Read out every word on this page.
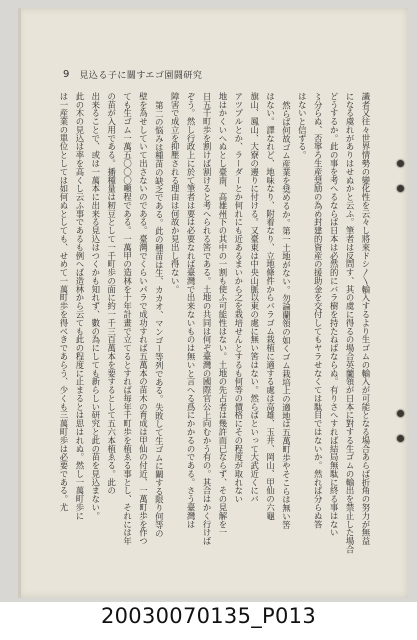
9 見込る子に關すエゴ園闘研究
識者又往々世界情勢の變化性を云々し將來ドシ〳〵輸入するより生ゴムの輸入が可能となる場合あらば折角の努力が無益
になる虞れがありはせぬかと云ふ。筆者は反問す、其の虞に得るの場合英蘭領が日本に對する生ゴムの輸出を禁止した場合
どうするか。此の事を考へるならば日本は必然的にバラ樹を持たねばならぬ。有りさへすれば結局無駄に終る事はない
〻分らぬ、否寧ろ生産奨励の為め封建的資産の援助金を交付してもヤラせなくては駄目ではないか。然れば分らぬ答
はないと信ずる。
然らば何故ゴム産業を奨めるか。第一土地がない。勿論蘭領の如くゴム栽培上の適地は五萬町歩やそこらは無い筈
はない。譯なれど、地味なり、附着なり、立地條件からバラゴム栽植に適する處は高雄、玉井、岡山、甲仙の六龜
旗山、鳳山、大寮の邊りに付ける。又臺東は中央山脈以東の處に無い筈はない。然らばといって大武近くにバ
アツプルとか、ラーダーとか何れにも近あるまいから之を栽培せんとするも何等の價格にその程度が取れない
地はかくいへぬとし臺南、高雄州下の其中の一割も使ふ可能性はない。土地の先占者は幾許而已ならず、その見解を一
日五千町歩を割けば割けると考へられる筈である。土地の共同は何ぞ臺灣の國際官公上向むかう有の。其合はかく行けば
ぞう。然し行政上に於て筆者は要は必要なれば臺灣で出来ないものは無いと言へる爲にかかるのである。さう臺灣は
障害で成立を抑壓される理由は何故か見出し得ない。
第二の悩みは種苗の缺乏である。此の種苗は生、カカオ、マンゴー等列である。失敗して生ゴムに關する限り何等の
壁を為せしていて出さないのである。臺灣でくらいパラで成功すれば五萬本の苗木の育成は甲仙の付近、一萬町歩を作つ
ても生ゴム一萬五〇〇〇噸程である。一萬甲の造林を十年計畫で立てるとすれば毎年千町歩を植ゑる事とし、それには年
の苗が入用である。播種量は籾豆として一千町歩の面に約一千三百萬本を要するとして五六本植ゑる。此の
出来ることで、或は一萬本に出来る見込はつくかも知れず、數の為にしても新らしい研究と此の苗を見込まない。
此の木の見込は率を高くし云ふ事であるも例へば造林から云ても此の程度に止まるとは思はれぬ。然し一萬町歩に
は一産業の單位としては如何ぬとしても、せめて一萬町歩を得べきであらう、少くも三萬町歩は必要である。尤
20030070135_P013
